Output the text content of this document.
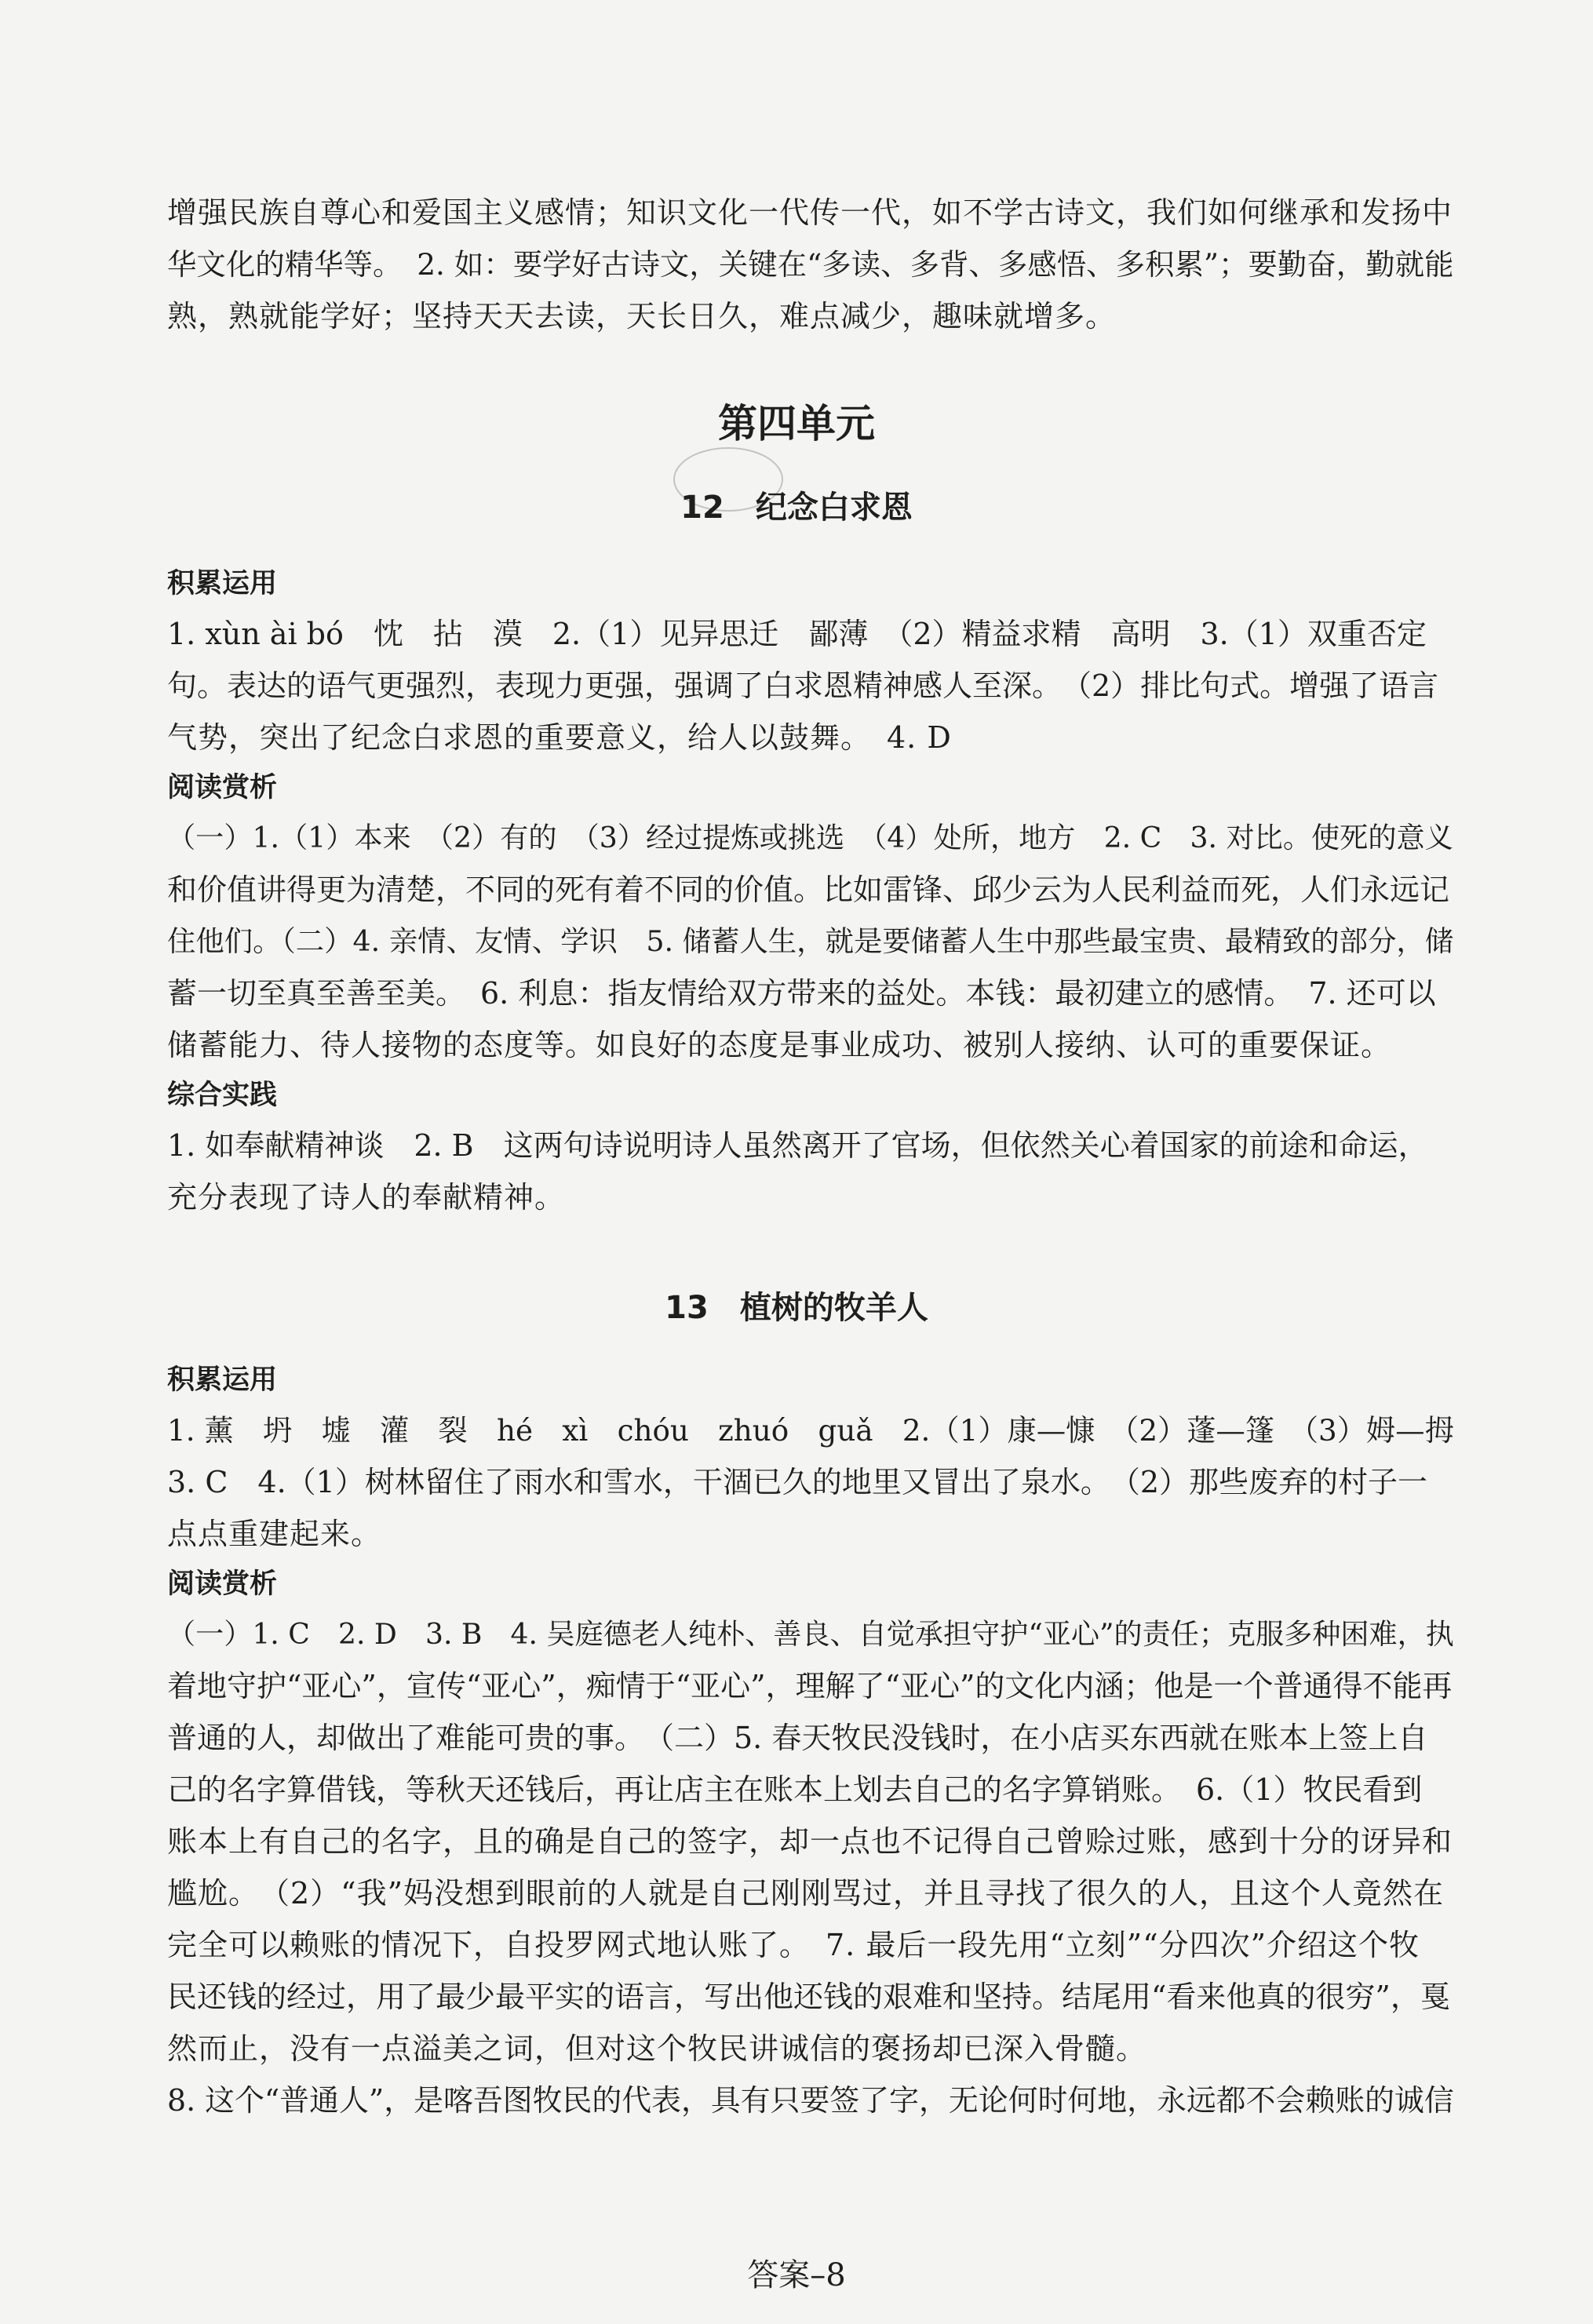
增强民族自尊心和爱国主义感情；知识文化一代传一代，如不学古诗文，我们如何继承和发扬中

华文化的精华等。　2. 如：要学好古诗文，关键在“多读、多背、多感悟、多积累”；要勤奋，勤就能

熟，熟就能学好；坚持天天去读，天长日久，难点减少，趣味就增多。

第四单元
12　纪念白求恩

积累运用

1. xùn ài bó　忱　拈　漠　2.（1）见异思迁　鄙薄　（2）精益求精　高明　3.（1）双重否定

句。表达的语气更强烈，表现力更强，强调了白求恩精神感人至深。　（2）排比句式。增强了语言

气势，突出了纪念白求恩的重要意义，给人以鼓舞。　4. D

阅读赏析

（一）1.（1）本来　（2）有的　（3）经过提炼或挑选　（4）处所，地方　2. C　3. 对比。使死的意义

和价值讲得更为清楚，不同的死有着不同的价值。比如雷锋、邱少云为人民利益而死，人们永远记

住他们。（二）4. 亲情、友情、学识　5. 储蓄人生，就是要储蓄人生中那些最宝贵、最精致的部分，储

蓄一切至真至善至美。　6. 利息：指友情给双方带来的益处。本钱：最初建立的感情。　7. 还可以

储蓄能力、待人接物的态度等。如良好的态度是事业成功、被别人接纳、认可的重要保证。

综合实践

1. 如奉献精神谈　2. B　这两句诗说明诗人虽然离开了官场，但依然关心着国家的前途和命运，

充分表现了诗人的奉献精神。

13　植树的牧羊人

积累运用

1. 薰　坍　墟　灌　裂　hé　xì　chóu　zhuó　guǎ　2.（1）康—慷　（2）蓬—篷　（3）姆—拇

3. C　4.（1）树林留住了雨水和雪水，干涸已久的地里又冒出了泉水。　（2）那些废弃的村子一

点点重建起来。

阅读赏析

（一）1. C　2. D　3. B　4. 吴庭德老人纯朴、善良、自觉承担守护“亚心”的责任；克服多种困难，执

着地守护“亚心”，宣传“亚心”，痴情于“亚心”，理解了“亚心”的文化内涵；他是一个普通得不能再

普通的人，却做出了难能可贵的事。　（二）5. 春天牧民没钱时，在小店买东西就在账本上签上自

己的名字算借钱，等秋天还钱后，再让店主在账本上划去自己的名字算销账。　6.（1）牧民看到

账本上有自己的名字，且的确是自己的签字，却一点也不记得自己曾赊过账，感到十分的讶异和

尴尬。　（2）“我”妈没想到眼前的人就是自己刚刚骂过，并且寻找了很久的人，且这个人竟然在

完全可以赖账的情况下，自投罗网式地认账了。　7. 最后一段先用“立刻”“分四次”介绍这个牧

民还钱的经过，用了最少最平实的语言，写出他还钱的艰难和坚持。结尾用“看来他真的很穷”，戛

然而止，没有一点溢美之词，但对这个牧民讲诚信的褒扬却已深入骨髓。

8. 这个“普通人”，是喀吾图牧民的代表，具有只要签了字，无论何时何地，永远都不会赖账的诚信

答案–8
